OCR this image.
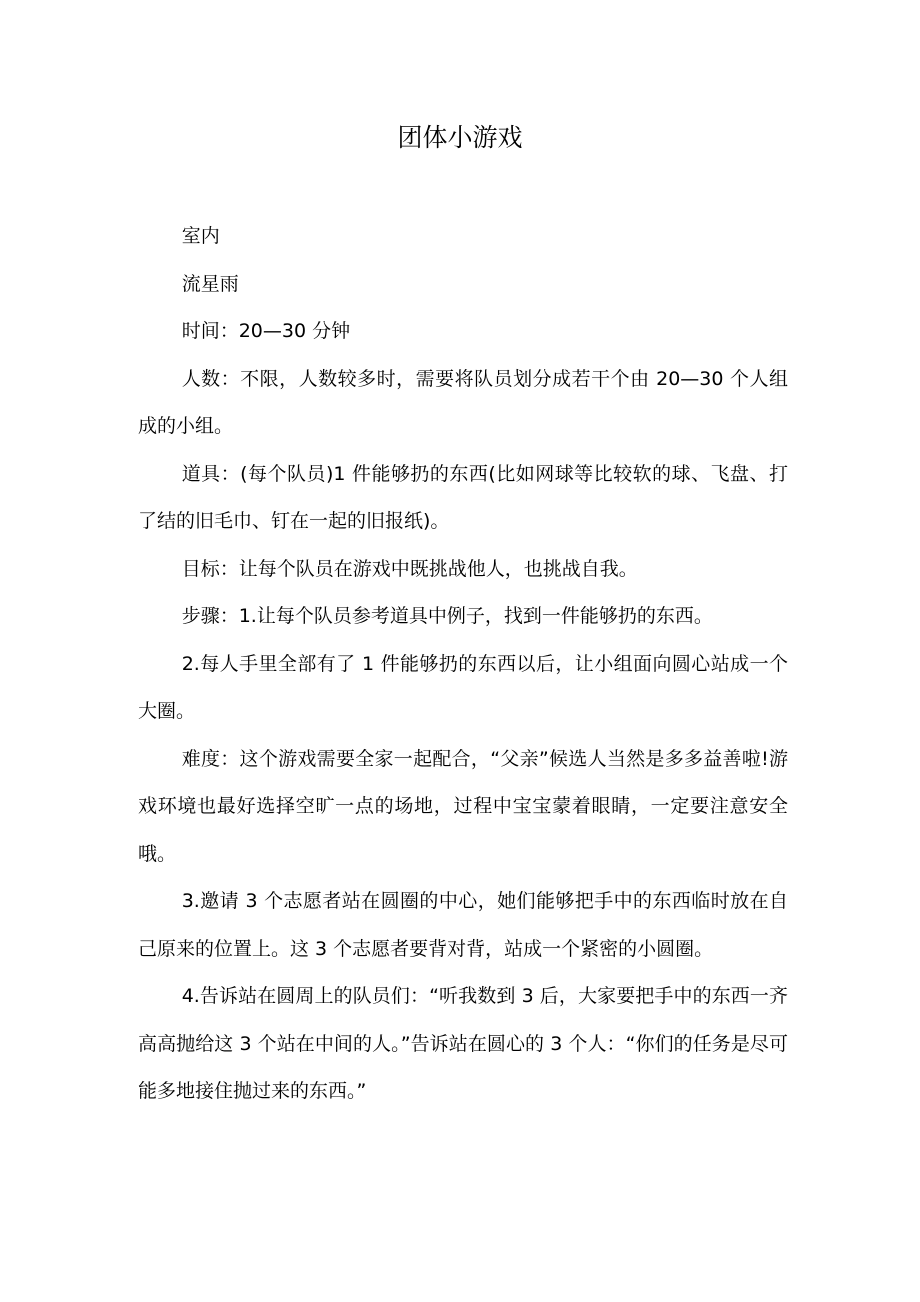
团体小游戏

室内

流星雨

时间：20—30 分钟

人数：不限，人数较多时，需要将队员划分成若干个由 20—30 个人组成的小组。

道具：(每个队员)1 件能够扔的东西(比如网球等比较软的球、飞盘、打了结的旧毛巾、钉在一起的旧报纸)。

目标：让每个队员在游戏中既挑战他人，也挑战自我。

步骤：1.让每个队员参考道具中例子，找到一件能够扔的东西。

2.每人手里全部有了 1 件能够扔的东西以后，让小组面向圆心站成一个大圈。

难度：这个游戏需要全家一起配合，“父亲”候选人当然是多多益善啦!游戏环境也最好选择空旷一点的场地，过程中宝宝蒙着眼睛，一定要注意安全哦。

3.邀请 3 个志愿者站在圆圈的中心，她们能够把手中的东西临时放在自己原来的位置上。这 3 个志愿者要背对背，站成一个紧密的小圆圈。

4.告诉站在圆周上的队员们：“听我数到 3 后，大家要把手中的东西一齐高高抛给这 3 个站在中间的人。”告诉站在圆心的 3 个人：“你们的任务是尽可能多地接住抛过来的东西。”
